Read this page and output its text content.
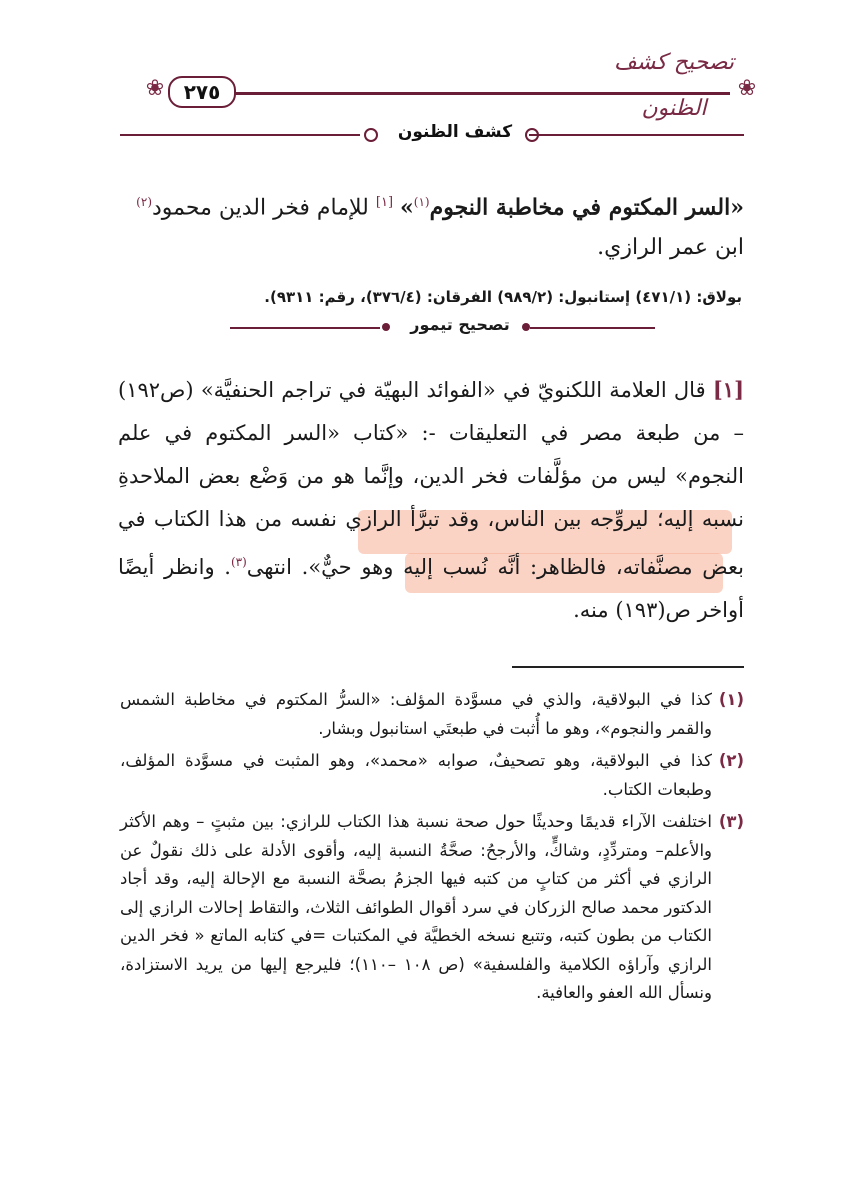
تصحيح كشف الظنون
❀ ٢٧٥	❀
كشف الظنون
«السر المكتوم في مخاطبة النجوم$^{(١)}$» [١] للإمام فخر الدين محمود$^{(٢)}$
ابن عمر الرازي.
بولاق: (٤٧١/١) إستانبول: (٩٨٩/٢) الفرقان: (٣٧٦/٤)، رقم: ٩٣١١).
تصحيح تيمور
[١] قال العلامة اللكنويّ في «الفوائد البهيّة في تراجم الحنفيَّة» (ص١٩٢) – من طبعة مصر في التعليقات -: «كتاب «السر المكتوم في علم النجوم» ليس من مؤلَّفات فخر الدين، وإنَّما هو من وَضْع بعض الملاحدةِ نسبه إليه؛ ليروِّجه بين الناس، وقد تبرَّأ الرازي نفسه من هذا الكتاب في بعض مصنَّفاته، فالظاهر: أنَّه نُسب إليه وهو حيٌّ». انتهى$^{(٣)}$. وانظر أيضًا أواخر ص(١٩٣) منه.
(١)
كذا في البولاقية، والذي في مسوَّدة المؤلف: «السرُّ المكتوم في مخاطبة الشمس والقمر والنجوم»، وهو ما أُثبت في طبعتَي استانبول وبشار.
(٢)
كذا في البولاقية، وهو تصحيفٌ، صوابه «محمد»، وهو المثبت في مسوَّدة المؤلف، وطبعات الكتاب.
(٣)
اختلفت الآراء قديمًا وحديثًا حول صحة نسبة هذا الكتاب للرازي: بين مثبتٍ – وهم الأكثر والأعلم– ومتردِّدٍ، وشاكٍّ، والأرجحُ: صحَّةُ النسبة إليه، وأقوى الأدلة على ذلك نقولٌ عن الرازي في أكثر من كتابٍ من كتبه فيها الجزمُ بصحَّة النسبة مع الإحالة إليه، وقد أجاد الدكتور محمد صالح الزركان في سرد أقوال الطوائف الثلاث، والتقاط إحالات الرازي إلى الكتاب من بطون كتبه، وتتبع نسخه الخطيَّة في المكتبات =في كتابه الماتع « فخر الدين الرازي وآراؤه الكلامية والفلسفية» (ص ١٠٨ –١١٠)؛ فليرجع إليها من يريد الاستزادة، ونسأل الله العفو والعافية.
